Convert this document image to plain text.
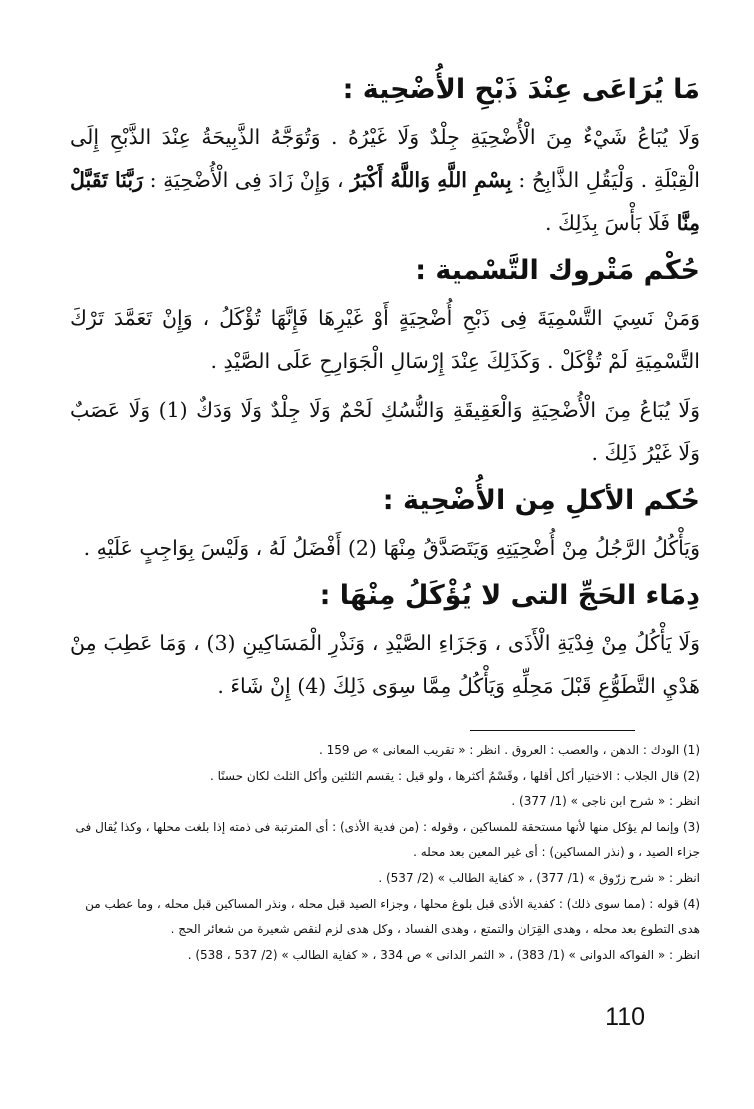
مَا يُرَاعَى عِنْدَ ذَبْحِ الأُضْحِية :

وَلَا يُبَاعُ شَيْءٌ مِنَ الْأُضْحِيَةِ جِلْدٌ وَلَا غَيْرُهُ . وَتُوَجَّهُ الذَّبِيحَةُ عِنْدَ الذَّبْحِ إِلَى الْقِبْلَةِ . وَلْيَقُلِ الذَّابِحُ : بِسْمِ اللَّهِ وَاللَّهُ أَكْبَرُ ، وَإِنْ زَادَ فِى الْأُضْحِيَةِ : رَبَّنَا تَقَبَّلْ مِنَّا فَلَا بَأْسَ بِذَلِكَ .

حُكْم مَتْروك التَّسْمية :

وَمَنْ نَسِيَ التَّسْمِيَةَ فِى ذَبْحِ أُضْحِيَةٍ أَوْ غَيْرِهَا فَإِنَّهَا تُؤْكَلُ ، وَإِنْ تَعَمَّدَ تَرْكَ التَّسْمِيَةِ لَمْ تُؤْكَلْ . وَكَذَلِكَ عِنْدَ إِرْسَالِ الْجَوَارِحِ عَلَى الصَّيْدِ .

وَلَا يُبَاعُ مِنَ الْأُضْحِيَةِ وَالْعَقِيقَةِ وَالنُّسُكِ لَحْمٌ وَلَا جِلْدٌ وَلَا وَدَكٌ (1) وَلَا عَصَبٌ وَلَا غَيْرُ ذَلِكَ .

حُكم الأكلِ مِن الأُضْحِية :

وَيَأْكُلُ الرَّجُلُ مِنْ أُضْحِيَتِهِ وَيَتَصَدَّقُ مِنْهَا (2) أَفْضَلُ لَهُ ، وَلَيْسَ بِوَاجِبٍ عَلَيْهِ .

دِمَاء الحَجِّ التى لا يُؤْكَلُ مِنْهَا :

وَلَا يَأْكُلُ مِنْ فِدْيَةِ الْأَذَى ، وَجَزَاءِ الصَّيْدِ ، وَنَذْرِ الْمَسَاكِينِ (3) ، وَمَا عَطِبَ مِنْ هَدْيِ التَّطَوُّعِ قَبْلَ مَحِلِّهِ وَيَأْكُلُ مِمَّا سِوَى ذَلِكَ (4) إِنْ شَاءَ .

(1) الودك : الدهن ، والعصب : العروق . انظر : « تقريب المعانى » ص 159 .

(2) قال الجلاب : الاختيار أكل أقلها ، وقَسْمُ أكثرها ، ولو قيل : يقسم الثلثين وأكل الثلث لكان حسنًا .

انظر : « شرح ابن ناجى » (1/ 377) .

(3) وإنما لم يؤكل منها لأنها مستحقة للمساكين ، وقوله : (من فدية الأذى) : أى المترتبة فى ذمته إذا بلغت محلها ، وكذا يُقال فى جزاء الصيد ، و (نذر المساكين) : أى غير المعين بعد محله .

انظر : « شرح زرّوق » (1/ 377) ، « كفاية الطالب » (2/ 537) .

(4) قوله : (مما سوى ذلك) : كفدية الأذى قبل بلوغ محلها ، وجزاء الصيد قبل محله ، ونذر المساكين قبل محله ، وما عطب من هدى التطوع بعد محله ، وهدى القِرَان والتمتع ، وهدى الفساد ، وكل هدى لزم لنقص شعيرة من شعائر الحج .

انظر : « الفواكه الدوانى » (1/ 383) ، « الثمر الدانى » ص 334 ، « كفاية الطالب » (2/ 537 ، 538) .

110
